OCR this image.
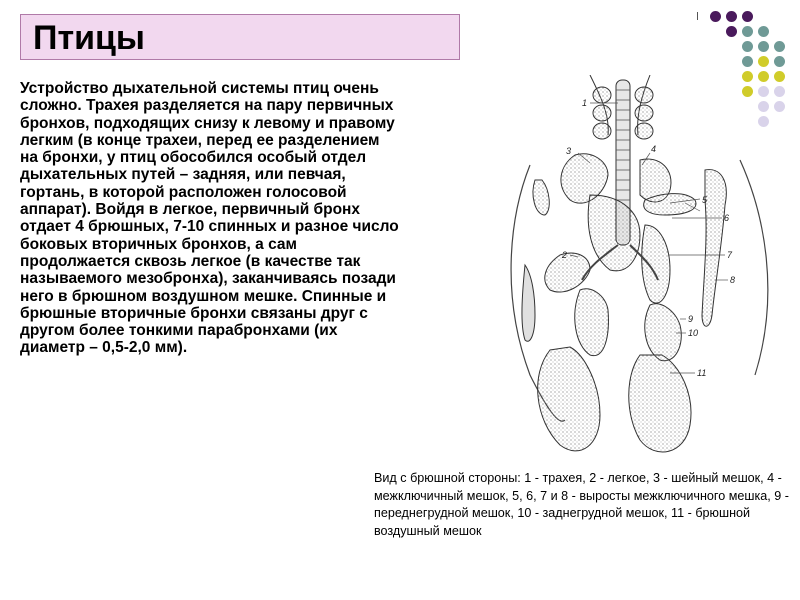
Птицы
Устройство дыхательной системы птиц очень сложно. Трахея разделяется на пару первичных бронхов, подходящих снизу к левому и правому легким (в конце трахеи, перед ее разделением на бронхи, у птиц обособился особый отдел дыхательных путей – задняя, или певчая, гортань, в которой расположен голосовой аппарат). Войдя в легкое, первичный бронх отдает 4 брюшных, 7-10 спинных и разное число боковых вторичных бронхов, а сам продолжается сквозь легкое (в качестве так называемого мезобронха), заканчиваясь позади него в брюшном воздушном мешке. Спинные и брюшные вторичные бронхи связаны друг с другом более тонкими парабронхами (их диаметр – 0,5-2,0 мм).
1
3	4
5
6
7
8
2
9
10
11
Вид с брюшной стороны: 1 - трахея, 2 - легкое, 3 - шейный мешок, 4 - межключичный мешок, 5, 6, 7 и 8 - выросты межключичного мешка, 9 - переднегрудной мешок, 10 - заднегрудной мешок, 11 - брюшной воздушный мешок
